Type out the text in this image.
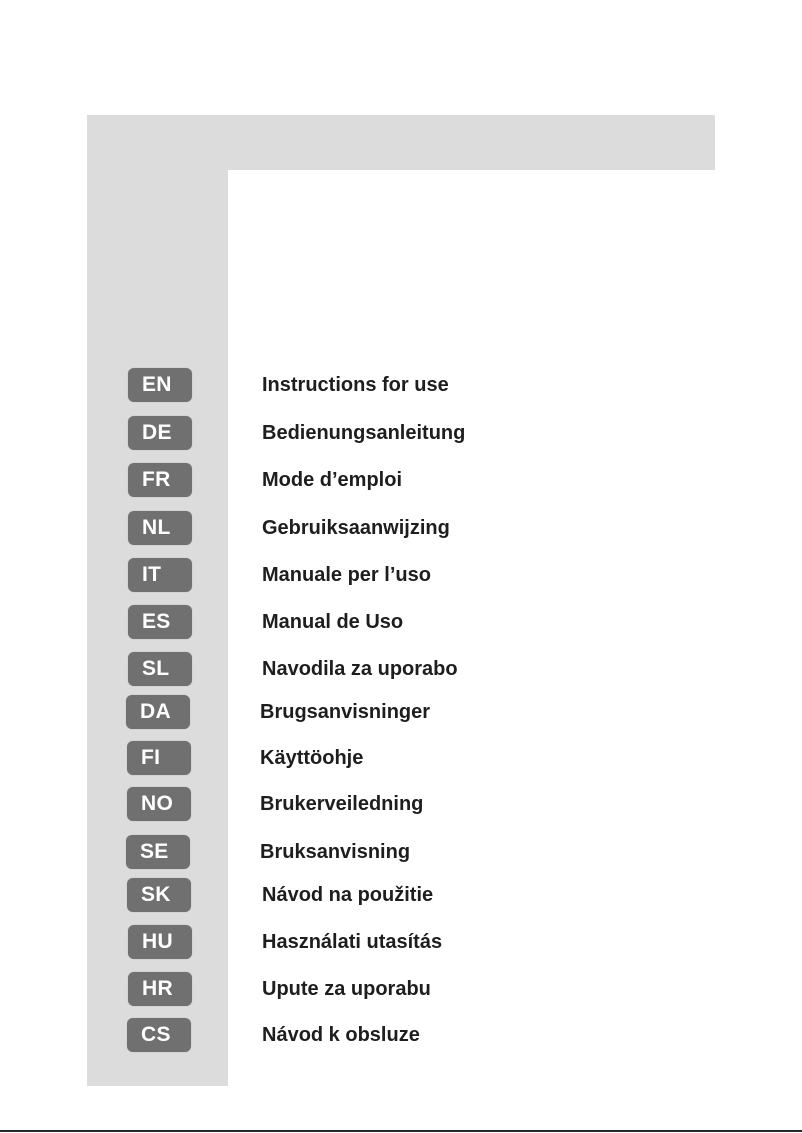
EN	Instructions for use
DE	Bedienungsanleitung
FR	Mode d’emploi
NL	Gebruiksaanwijzing
IT	Manuale per l’uso
ES	Manual de Uso
SL	Navodila za uporabo
DA	Brugsanvisninger
FI	Käyttöohje
NO	Brukerveiledning
SE	Bruksanvisning
SK	Návod na použitie
HU	Használati utasítás
HR	Upute za uporabu
CS	Návod k obsluze
